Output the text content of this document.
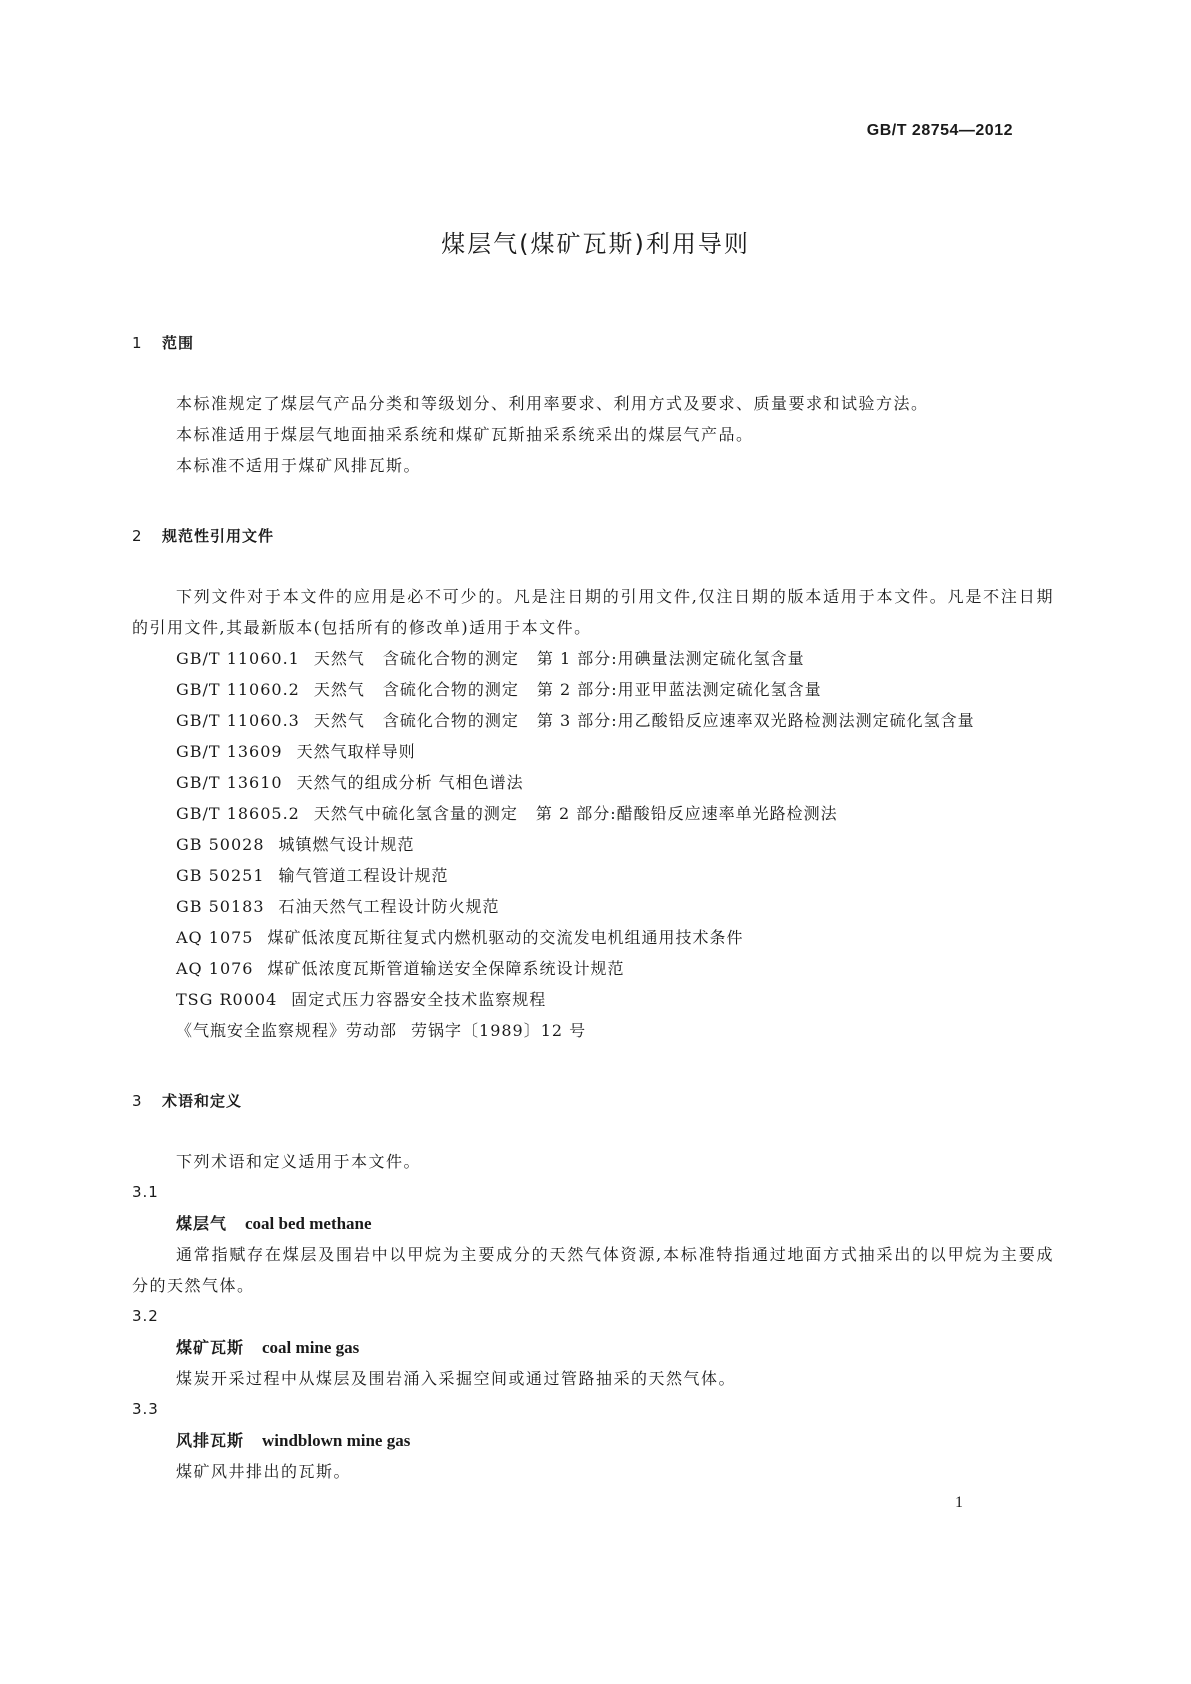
GB/T 28754—2012
煤层气(煤矿瓦斯)利用导则
1 范围
本标准规定了煤层气产品分类和等级划分、利用率要求、利用方式及要求、质量要求和试验方法。
本标准适用于煤层气地面抽采系统和煤矿瓦斯抽采系统采出的煤层气产品。
本标准不适用于煤矿风排瓦斯。
2 规范性引用文件
下列文件对于本文件的应用是必不可少的。凡是注日期的引用文件,仅注日期的版本适用于本文件。凡是不注日期的引用文件,其最新版本(包括所有的修改单)适用于本文件。
GB/T 11060.1 天然气 含硫化合物的测定 第 1 部分:用碘量法测定硫化氢含量
GB/T 11060.2 天然气 含硫化合物的测定 第 2 部分:用亚甲蓝法测定硫化氢含量
GB/T 11060.3 天然气 含硫化合物的测定 第 3 部分:用乙酸铅反应速率双光路检测法测定硫化氢含量
GB/T 13609 天然气取样导则
GB/T 13610 天然气的组成分析 气相色谱法
GB/T 18605.2 天然气中硫化氢含量的测定 第 2 部分:醋酸铅反应速率单光路检测法
GB 50028 城镇燃气设计规范
GB 50251 输气管道工程设计规范
GB 50183 石油天然气工程设计防火规范
AQ 1075 煤矿低浓度瓦斯往复式内燃机驱动的交流发电机组通用技术条件
AQ 1076 煤矿低浓度瓦斯管道输送安全保障系统设计规范
TSG R0004 固定式压力容器安全技术监察规程
《气瓶安全监察规程》劳动部 劳锅字〔1989〕12 号
3 术语和定义
下列术语和定义适用于本文件。
3.1
煤层气 coal bed methane
通常指赋存在煤层及围岩中以甲烷为主要成分的天然气体资源,本标准特指通过地面方式抽采出的以甲烷为主要成分的天然气体。
3.2
煤矿瓦斯 coal mine gas
煤炭开采过程中从煤层及围岩涌入采掘空间或通过管路抽采的天然气体。
3.3
风排瓦斯 windblown mine gas
煤矿风井排出的瓦斯。
1
